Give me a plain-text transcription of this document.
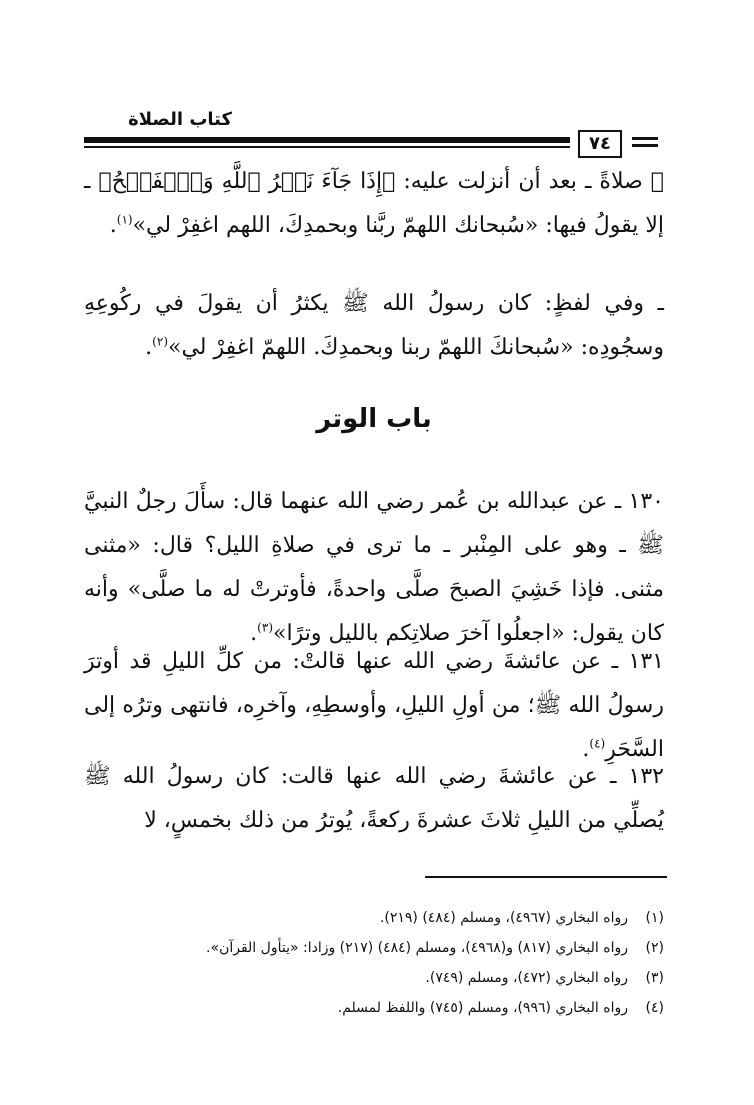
كتاب الصلاة
٧٤
ﷺ صلاةً ـ بعد أن أنزلت عليه: ﴿إِذَا جَآءَ نَصۡرُ ٱللَّهِ وَٱلۡفَتۡحُ﴾ ـ إلا يقولُ فيها: «سُبحانك اللهمّ ربَّنا وبحمدِكَ، اللهم اغفِرْ لي»$^{(١)}$.
ـ وفي لفظٍ: كان رسولُ الله ﷺ يكثرُ أن يقولَ في ركُوعِهِ وسجُودِه: «سُبحانكَ اللهمّ ربنا وبحمدِكَ. اللهمّ اغفِرْ لي»$^{(٢)}$.
باب الوتر
١٣٠ ـ عن عبدالله بن عُمر رضي الله عنهما قال: سأَلَ رجلٌ النبيَّ ﷺ ـ وهو على المِنْبر ـ ما ترى في صلاةِ الليل؟ قال: «مثنى مثنى. فإذا خَشِيَ الصبحَ صلَّى واحدةً، فأوترتْ له ما صلَّى» وأنه كان يقول: «اجعلُوا آخرَ صلاتِكم بالليل وترًا»$^{(٣)}$.
١٣١ ـ عن عائشةَ رضي الله عنها قالتْ: من كلِّ الليلِ قد أوترَ رسولُ الله ﷺ؛ من أولِ الليلِ، وأوسطِهِ، وآخرِه، فانتهى وترُه إلى السَّحَرِ$^{(٤)}$.
١٣٢ ـ عن عائشةَ رضي الله عنها قالت: كان رسولُ الله ﷺ يُصلِّي من الليلِ ثلاثَ عشرةَ ركعةً، يُوترُ من ذلك بخمسٍ، لا
(١)رواه البخاري (٤٩٦٧)، ومسلم (٤٨٤) (٢١٩).
(٢)رواه البخاري (٨١٧) و(٤٩٦٨)، ومسلم (٤٨٤) (٢١٧) وزادا: «يتأول القرآن».
(٣)رواه البخاري (٤٧٢)، ومسلم (٧٤٩).
(٤)رواه البخاري (٩٩٦)، ومسلم (٧٤٥) واللفظ لمسلم.
